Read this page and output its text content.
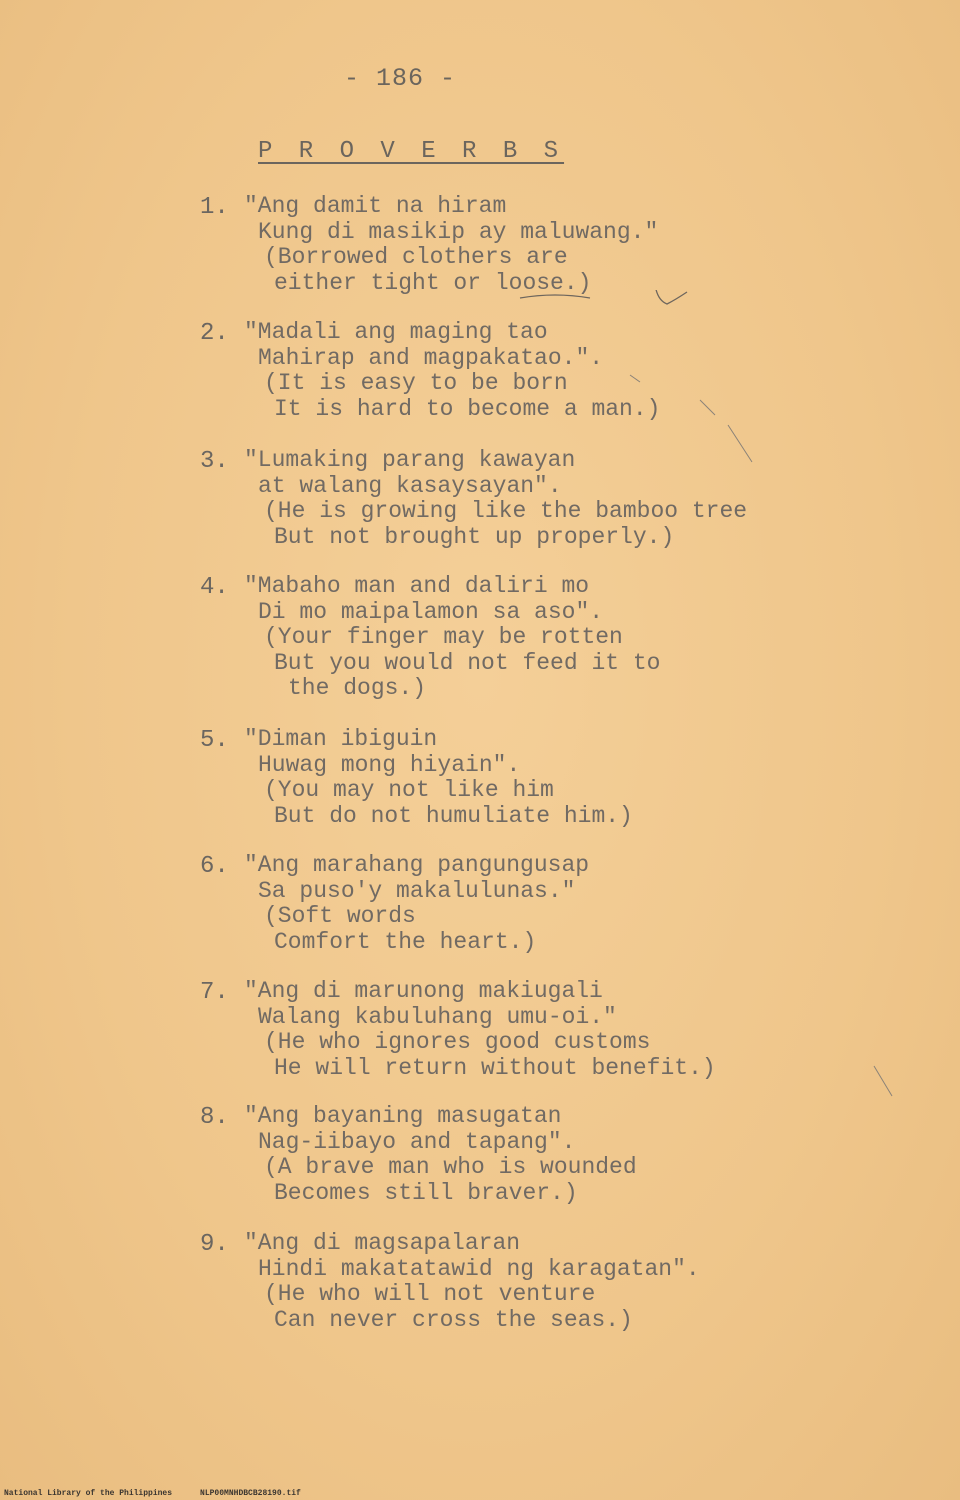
- 186 -
P R O V E R B S
1. "Ang damit na hiram
Kung di masikip ay maluwang."
(Borrowed clothers are
either tight or loose.)
2. "Madali ang maging tao
Mahirap and magpakatao.".
(It is easy to be born
It is hard to become a man.)
3. "Lumaking parang kawayan
at walang kasaysayan".
(He is growing like the bamboo tree
But not brought up properly.)
4. "Mabaho man and daliri mo
Di mo maipalamon sa aso".
(Your finger may be rotten
But you would not feed it to
the dogs.)
5. "Diman ibiguin
Huwag mong hiyain".
(You may not like him
But do not humuliate him.)
6. "Ang marahang pangungusap
Sa puso'y makalulunas."
(Soft words
Comfort the heart.)
7. "Ang di marunong makiugali
Walang kabuluhang umu-oi."
(He who ignores good customs
He will return without benefit.)
8. "Ang bayaning masugatan
Nag-iibayo and tapang".
(A brave man who is wounded
Becomes still braver.)
9. "Ang di magsapalaran
Hindi makatatawid ng karagatan".
(He who will not venture
Can never cross the seas.)
National Library of the Philippines	NLP00MNHDBCB28190.tif
